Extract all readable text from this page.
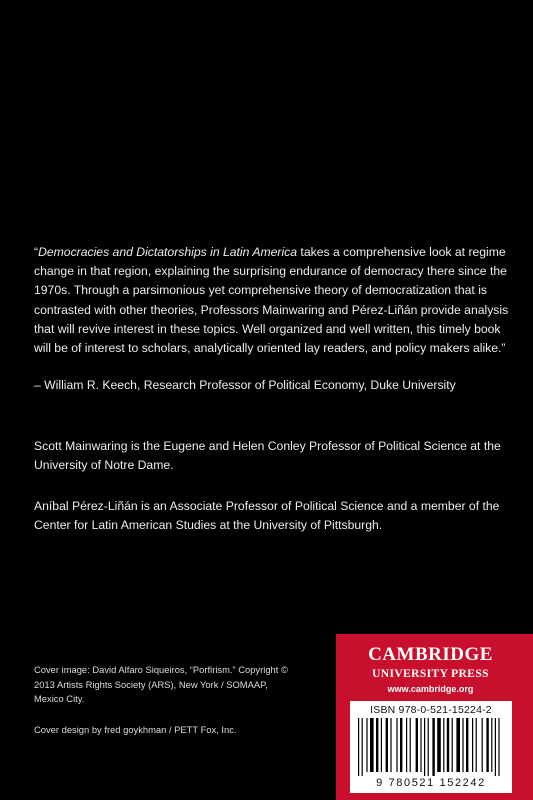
“Democracies and Dictatorships in Latin America takes a comprehensive look at regime change in that region, explaining the surprising endurance of democracy there since the 1970s. Through a parsimonious yet comprehensive theory of democratization that is contrasted with other theories, Professors Mainwaring and Pérez-Liñán provide analysis that will revive interest in these topics. Well organized and well written, this timely book will be of interest to scholars, analytically oriented lay readers, and policy makers alike.”

– William R. Keech, Research Professor of Political Economy, Duke University

Scott Mainwaring is the Eugene and Helen Conley Professor of Political Science at the University of Notre Dame.

Aníbal Pérez-Liñán is an Associate Professor of Political Science and a member of the Center for Latin American Studies at the University of Pittsburgh.

Cover image: David Alfaro Siqueiros, “Porfirism.” Copyright © 2013 Artists Rights Society (ARS), New York / SOMAAP, Mexico City.

Cover design by fred goykhman / PETT Fox, Inc.

CAMBRIDGE
UNIVERSITY PRESS
www.cambridge.org
ISBN 978-0-521-15224-2
9 780521 152242
